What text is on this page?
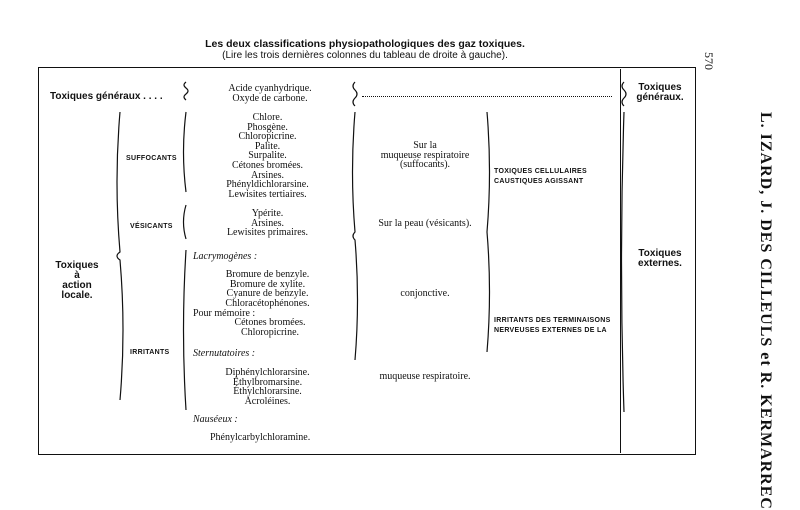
Les deux classifications physiopathologiques des gaz toxiques.
(Lire les trois dernières colonnes du tableau de droite à gauche).	570
L. IZARD, J. DES CILLEULS et R. KERMARREC
Toxiques généraux . . . .
Acide cyanhydrique.
Oxyde de carbone.
Toxiques
généraux.
Toxiques
à
action
locale.
SUFFOCANTS
VÉSICANTS
IRRITANTS
Chlore.
Phosgène.
Chloropicrine.
Palite.
Surpalite.
Cétones bromées.
Arsines.
Phényldichlorarsine.
Lewisites tertiaires.
Ypérite.
Arsines.
Lewisites primaires.
Lacrymogènes :
Bromure de benzyle.
Bromure de xylite.
Cyanure de benzyle.
Chloracétophénones.
Pour mémoire :
Cétones bromées.
Chloropicrine.
Sternutatoires :
Diphénylchlorarsine.
Éthylbromarsine.
Éthylchlorarsine.
Acroléines.
Nauséeux :
Phénylcarbylchloramine.
Sur la
muqueuse respiratoire
(suffocants).
Sur la peau (vésicants).
conjonctive.
muqueuse respiratoire.
TOXIQUES CELLULAIRES
CAUSTIQUES AGISSANT
IRRITANTS DES TERMINAISONS
NERVEUSES EXTERNES DE LA
Toxiques
externes.
